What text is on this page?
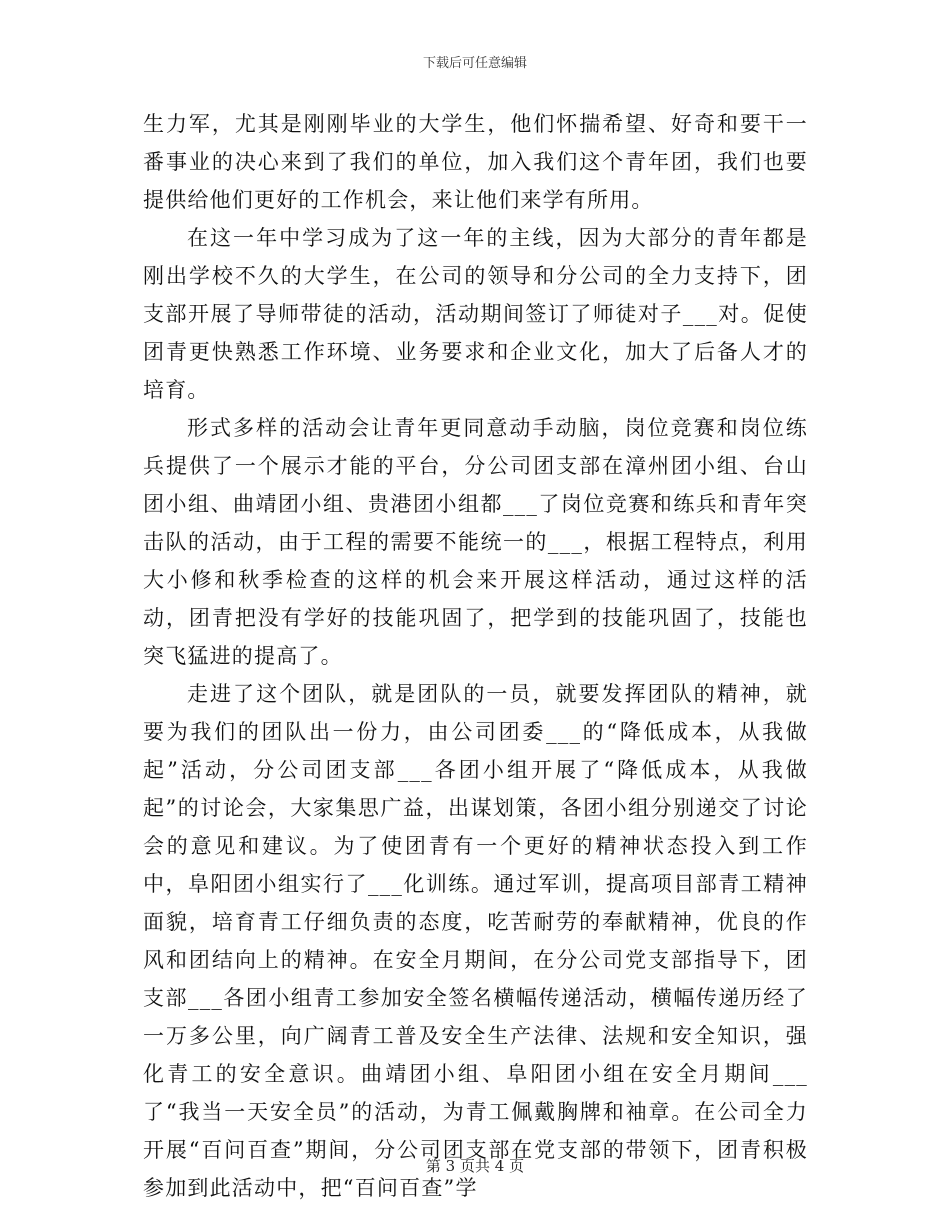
下载后可任意编辑

生力军，尤其是刚刚毕业的大学生，他们怀揣希望、好奇和要干一番事业的决心来到了我们的单位，加入我们这个青年团，我们也要提供给他们更好的工作机会，来让他们来学有所用。

在这一年中学习成为了这一年的主线，因为大部分的青年都是刚出学校不久的大学生，在公司的领导和分公司的全力支持下，团支部开展了导师带徒的活动，活动期间签订了师徒对子___对。促使团青更快熟悉工作环境、业务要求和企业文化，加大了后备人才的培育。

形式多样的活动会让青年更同意动手动脑，岗位竞赛和岗位练兵提供了一个展示才能的平台，分公司团支部在漳州团小组、台山团小组、曲靖团小组、贵港团小组都___了岗位竞赛和练兵和青年突击队的活动，由于工程的需要不能统一的___，根据工程特点，利用大小修和秋季检查的这样的机会来开展这样活动，通过这样的活动，团青把没有学好的技能巩固了，把学到的技能巩固了，技能也突飞猛进的提高了。

走进了这个团队，就是团队的一员，就要发挥团队的精神，就要为我们的团队出一份力，由公司团委___的“降低成本，从我做起”活动，分公司团支部___各团小组开展了“降低成本，从我做起”的讨论会，大家集思广益，出谋划策，各团小组分别递交了讨论会的意见和建议。为了使团青有一个更好的精神状态投入到工作中，阜阳团小组实行了___化训练。通过军训，提高项目部青工精神面貌，培育青工仔细负责的态度，吃苦耐劳的奉献精神，优良的作风和团结向上的精神。在安全月期间，在分公司党支部指导下，团支部___各团小组青工参加安全签名横幅传递活动，横幅传递历经了一万多公里，向广阔青工普及安全生产法律、法规和安全知识，强化青工的安全意识。曲靖团小组、阜阳团小组在安全月期间___了“我当一天安全员”的活动，为青工佩戴胸牌和袖章。在公司全力开展“百问百查”期间，分公司团支部在党支部的带领下，团青积极参加到此活动中，把“百问百查”学

第 3 页共 4 页
